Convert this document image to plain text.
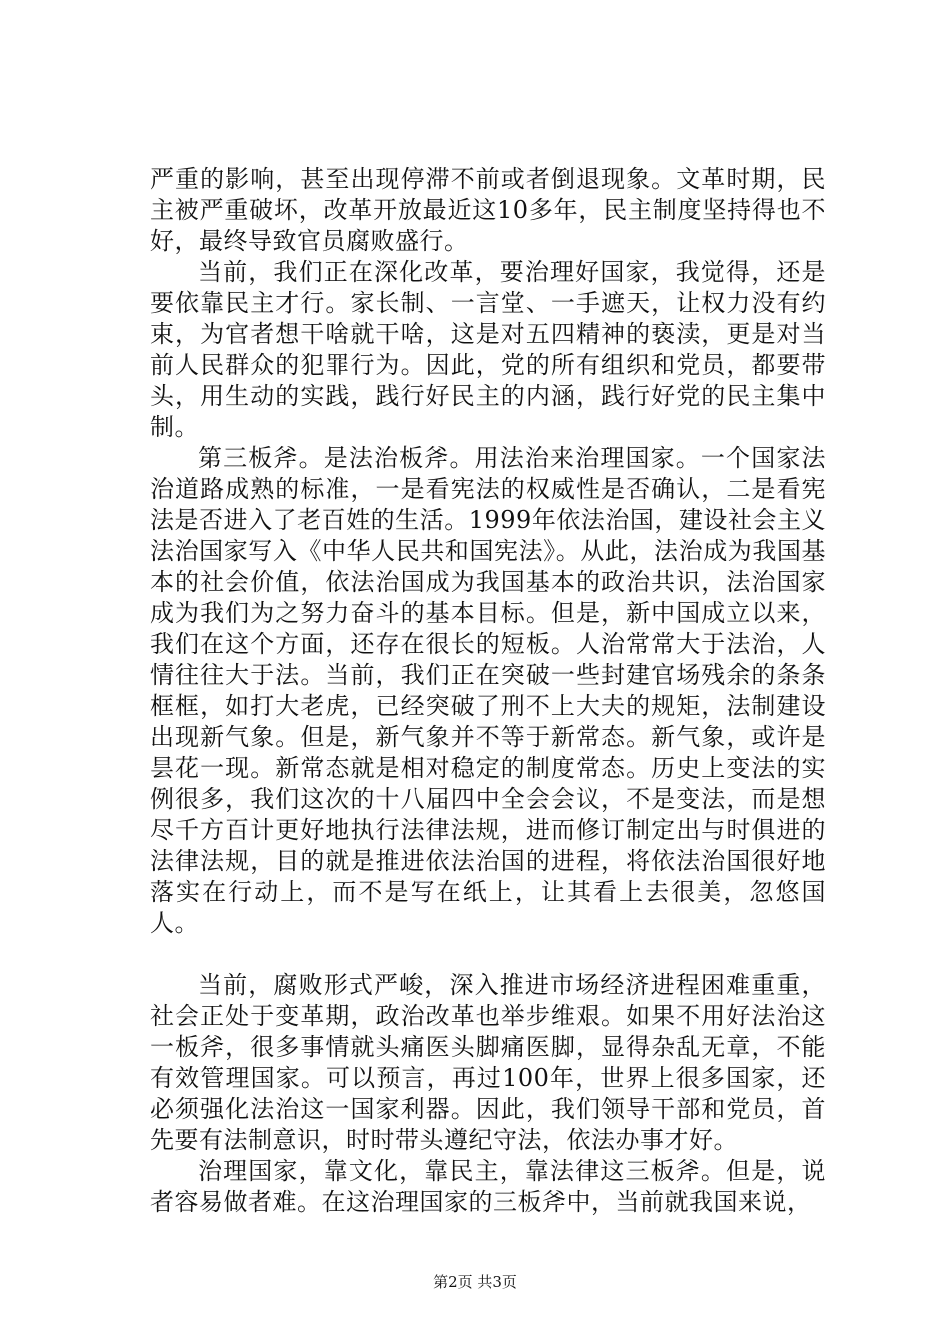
严重的影响，甚至出现停滞不前或者倒退现象。文革时期，民主被严重破坏，改革开放最近这10多年，民主制度坚持得也不好，最终导致官员腐败盛行。

当前，我们正在深化改革，要治理好国家，我觉得，还是要依靠民主才行。家长制、一言堂、一手遮天，让权力没有约束，为官者想干啥就干啥，这是对五四精神的亵渎，更是对当前人民群众的犯罪行为。因此，党的所有组织和党员，都要带头，用生动的实践，践行好民主的内涵，践行好党的民主集中制。

第三板斧。是法治板斧。用法治来治理国家。一个国家法治道路成熟的标准，一是看宪法的权威性是否确认，二是看宪法是否进入了老百姓的生活。1999年依法治国，建设社会主义法治国家写入《中华人民共和国宪法》。从此，法治成为我国基本的社会价值，依法治国成为我国基本的政治共识，法治国家成为我们为之努力奋斗的基本目标。但是，新中国成立以来，我们在这个方面，还存在很长的短板。人治常常大于法治，人情往往大于法。当前，我们正在突破一些封建官场残余的条条框框，如打大老虎，已经突破了刑不上大夫的规矩，法制建设出现新气象。但是，新气象并不等于新常态。新气象，或许是昙花一现。新常态就是相对稳定的制度常态。历史上变法的实例很多，我们这次的十八届四中全会会议，不是变法，而是想尽千方百计更好地执行法律法规，进而修订制定出与时俱进的法律法规，目的就是推进依法治国的进程，将依法治国很好地落实在行动上，而不是写在纸上，让其看上去很美，忽悠国人。

当前，腐败形式严峻，深入推进市场经济进程困难重重，社会正处于变革期，政治改革也举步维艰。如果不用好法治这一板斧，很多事情就头痛医头脚痛医脚，显得杂乱无章，不能有效管理国家。可以预言，再过100年，世界上很多国家，还必须强化法治这一国家利器。因此，我们领导干部和党员，首先要有法制意识，时时带头遵纪守法，依法办事才好。

治理国家，靠文化，靠民主，靠法律这三板斧。但是，说者容易做者难。在这治理国家的三板斧中，当前就我国来说，

第2页 共3页
